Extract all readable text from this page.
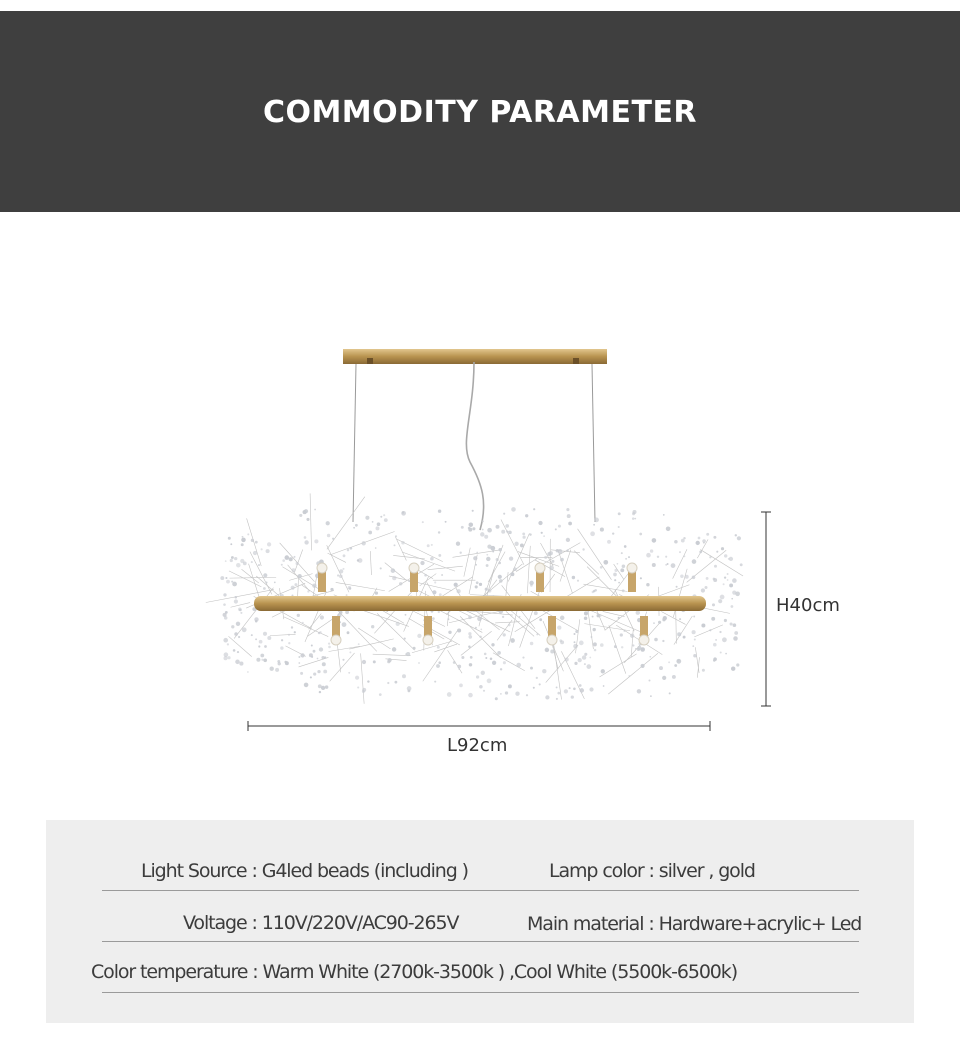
COMMODITY PARAMETER
H40cm
L92cm
Light Source : G4led beads (including )	Lamp color : silver , gold
Voltage : 110V/220V/AC90-265V	Main material : Hardware+acrylic+ Led
Color temperature : Warm White (2700k-3500k ) ,Cool White (5500k-6500k)
